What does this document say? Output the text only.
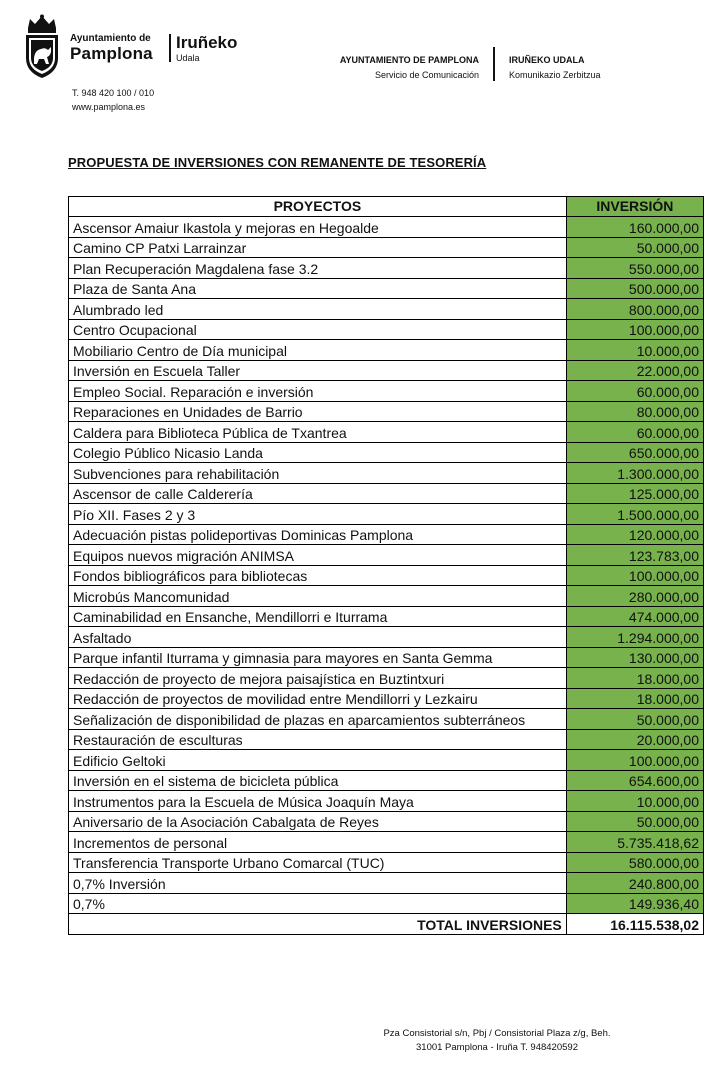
Ayuntamiento de
Pamplona
Iruñeko
Udala
T. 948 420 100 / 010
www.pamplona.es
AYUNTAMIENTO DE PAMPLONA
Servicio de Comunicación
IRUÑEKO UDALA
Komunikazio Zerbitzua
PROPUESTA DE INVERSIONES CON REMANENTE DE TESORERÍA
PROYECTOS	INVERSIÓN
Ascensor Amaiur Ikastola y mejoras en Hegoalde	160.000,00
Camino CP Patxi Larrainzar	50.000,00
Plan Recuperación Magdalena fase 3.2	550.000,00
Plaza de Santa Ana	500.000,00
Alumbrado led	800.000,00
Centro Ocupacional	100.000,00
Mobiliario Centro de Día municipal	10.000,00
Inversión en Escuela Taller	22.000,00
Empleo Social. Reparación e inversión	60.000,00
Reparaciones en Unidades de Barrio	80.000,00
Caldera para Biblioteca Pública de Txantrea	60.000,00
Colegio Público Nicasio Landa	650.000,00
Subvenciones para rehabilitación	1.300.000,00
Ascensor de calle Calderería	125.000,00
Pío XII. Fases 2 y 3	1.500.000,00
Adecuación pistas polideportivas Dominicas Pamplona	120.000,00
Equipos nuevos migración ANIMSA	123.783,00
Fondos bibliográficos para bibliotecas	100.000,00
Microbús Mancomunidad	280.000,00
Caminabilidad en Ensanche, Mendillorri e Iturrama	474.000,00
Asfaltado	1.294.000,00
Parque infantil Iturrama y gimnasia para mayores en Santa Gemma	130.000,00
Redacción de proyecto de mejora paisajística en Buztintxuri	18.000,00
Redacción de proyectos de movilidad entre Mendillorri y Lezkairu	18.000,00
Señalización de disponibilidad de plazas en aparcamientos subterráneos	50.000,00
Restauración de esculturas	20.000,00
Edificio Geltoki	100.000,00
Inversión en el sistema de bicicleta pública	654.600,00
Instrumentos para la Escuela de Música Joaquín Maya	10.000,00
Aniversario de la Asociación Cabalgata de Reyes	50.000,00
Incrementos de personal	5.735.418,62
Transferencia Transporte Urbano Comarcal (TUC)	580.000,00
0,7% Inversión	240.800,00
0,7%	149.936,40
TOTAL INVERSIONES	16.115.538,02
Pza Consistorial s/n, Pbj / Consistorial Plaza z/g, Beh.
31001 Pamplona - Iruña T. 948420592
